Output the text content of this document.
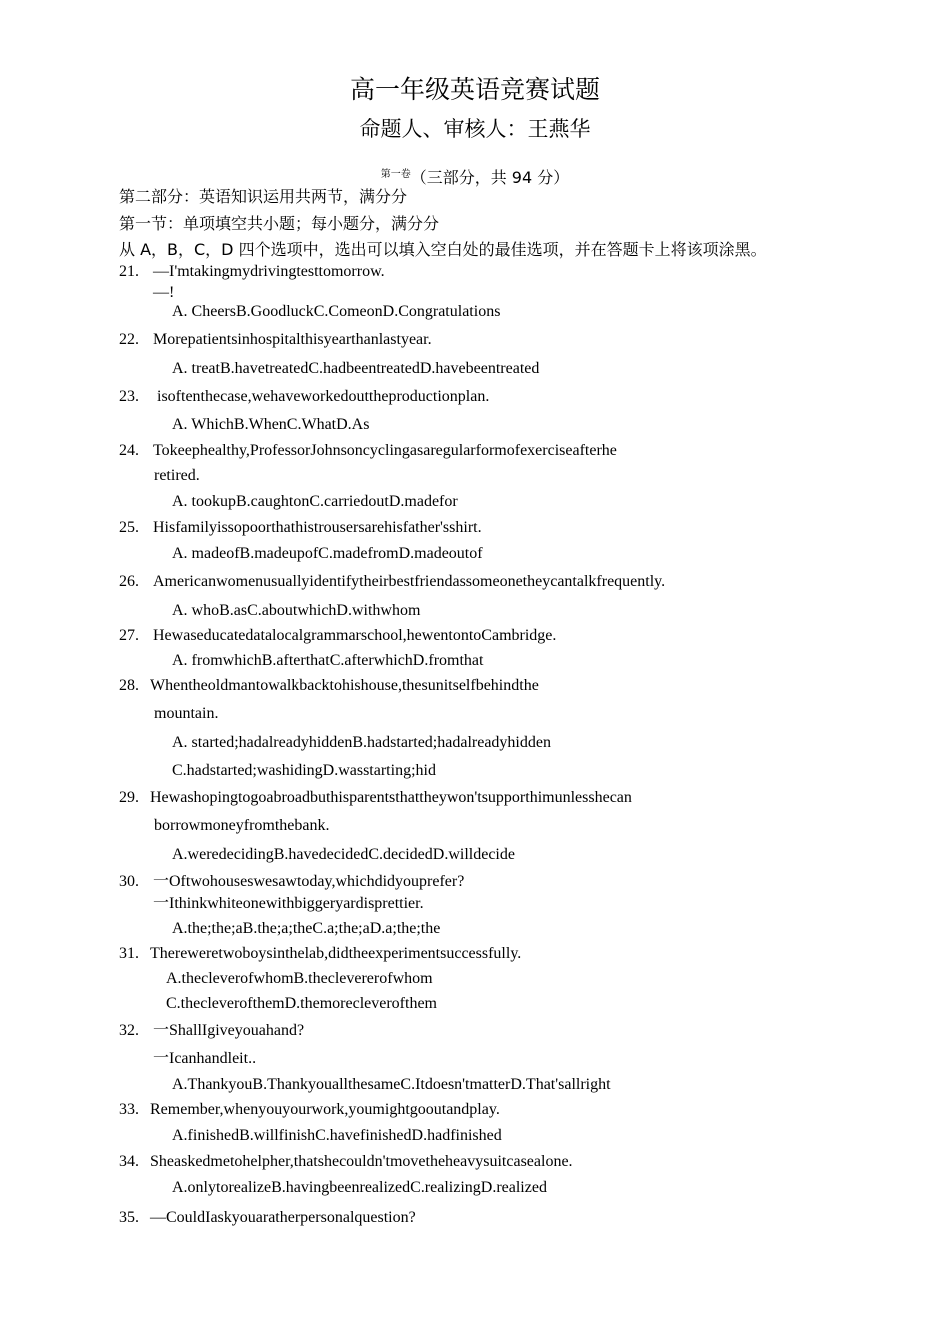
高一年级英语竞赛试题
命题人、审核人：王燕华
$^{第一卷}$（三部分，共 94 分）
第二部分：英语知识运用共两节，满分分
第一节：单项填空共小题；每小题分，满分分
从 A，B，C，D 四个选项中，选出可以填入空白处的最佳选项，并在答题卡上将该项涂黑。
21. —I'mtakingmydrivingtesttomorrow.
—!
A. CheersB.GoodluckC.ComeonD.Congratulations
22. Morepatientsinhospitalthisyearthanlastyear.
A. treatB.havetreatedC.hadbeentreatedD.havebeentreated
23. isoftenthecase,wehaveworkedouttheproductionplan.
A. WhichB.WhenC.WhatD.As
24. Tokeephealthy,ProfessorJohnsoncyclingasaregularformofexerciseafterhe
retired.
A. tookupB.caughtonC.carriedoutD.madefor
25. Hisfamilyissopoorthathistrousersarehisfather'sshirt.
A. madeofB.madeupofC.madefromD.madeoutof
26. Americanwomenusuallyidentifytheirbestfriendassomeonetheycantalkfrequently.
A. whoB.asC.aboutwhichD.withwhom
27. Hewaseducatedatalocalgrammarschool,hewentontoCambridge.
A. fromwhichB.afterthatC.afterwhichD.fromthat
28. Whentheoldmantowalkbacktohishouse,thesunitselfbehindthe
mountain.
A. started;hadalreadyhiddenB.hadstarted;hadalreadyhidden
C.hadstarted;washidingD.wasstarting;hid
29. Hewashopingtogoabroadbuthisparentsthattheywon'tsupporthimunlesshecan
borrowmoneyfromthebank.
A.weredecidingB.havedecidedC.decidedD.willdecide
30. 一Oftwohouseswesawtoday,whichdidyouprefer?
一Ithinkwhiteonewithbiggeryardisprettier.
A.the;the;aB.the;a;theC.a;the;aD.a;the;the
31. Thereweretwoboysinthelab,didtheexperimentsuccessfully.
A.thecleverofwhomB.theclevererofwhom
C.thecleverofthemD.themorecleverofthem
32. 一ShallIgiveyouahand?
一Icanhandleit..
A.ThankyouB.ThankyouallthesameC.Itdoesn'tmatterD.That'sallright
33. Remember,whenyouyourwork,youmightgooutandplay.
A.finishedB.willfinishC.havefinishedD.hadfinished
34. Sheaskedmetohelpher,thatshecouldn'tmovetheheavysuitcasealone.
A.onlytorealizeB.havingbeenrealizedC.realizingD.realized
35. —CouldIaskyouaratherpersonalquestion?
